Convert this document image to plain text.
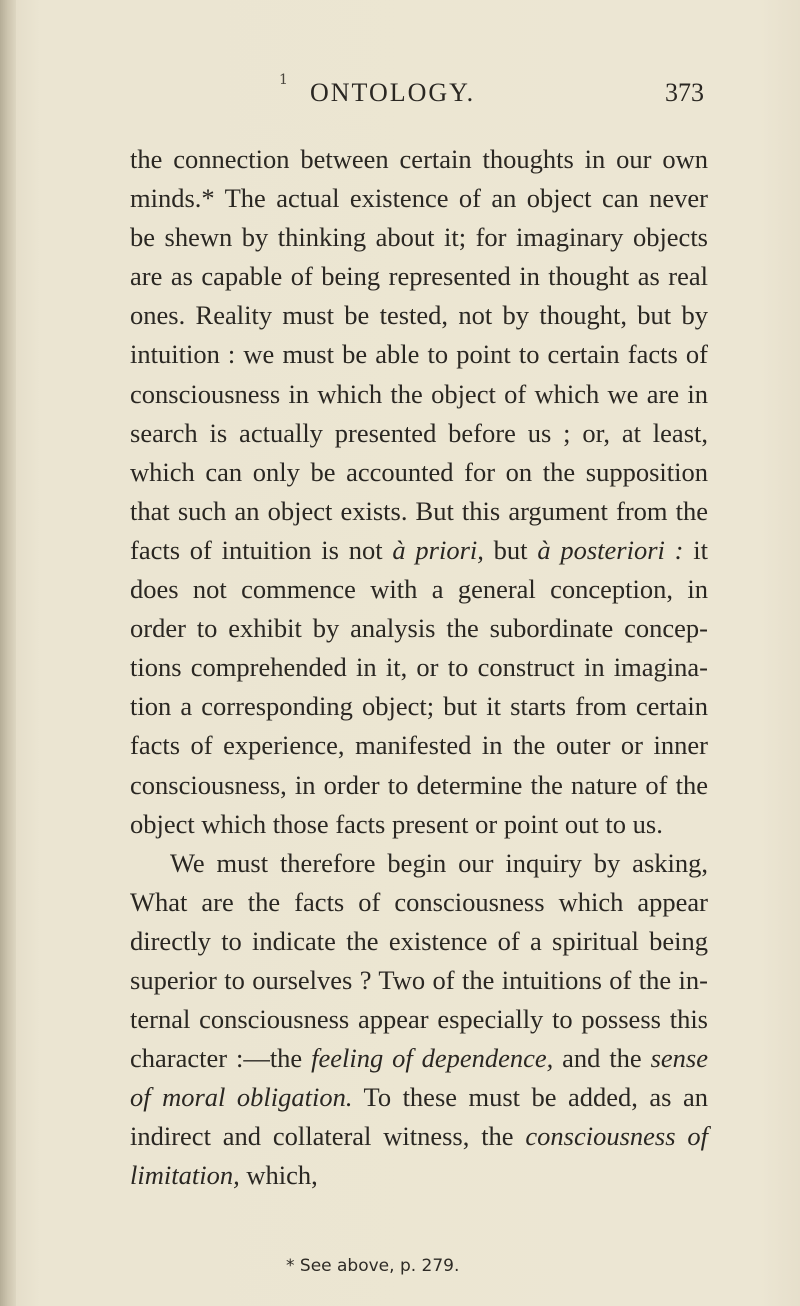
1 ONTOLOGY.	373

the connection between certain thoughts in our own minds.* The actual existence of an object can never be shewn by thinking about it; for imaginary objects are as capable of being represented in thought as real ones. Reality must be tested, not by thought, but by intuition : we must be able to point to certain facts of consciousness in which the object of which we are in search is actually presented before us ; or, at least, which can only be accounted for on the supposition that such an object exists. But this argument from the facts of intuition is not à priori, but à posteriori : it does not commence with a general conception, in order to exhibit by analysis the subordinate conceptions comprehended in it, or to construct in imagination a corresponding object; but it starts from certain facts of experience, manifested in the outer or inner consciousness, in order to determine the nature of the object which those facts present or point out to us.

We must therefore begin our inquiry by asking, What are the facts of consciousness which appear directly to indicate the existence of a spiritual being superior to ourselves ? Two of the intuitions of the internal consciousness appear especially to possess this character :—the feeling of dependence, and the sense of moral obligation. To these must be added, as an indirect and collateral witness, the consciousness of limitation, which,

* See above, p. 279.
